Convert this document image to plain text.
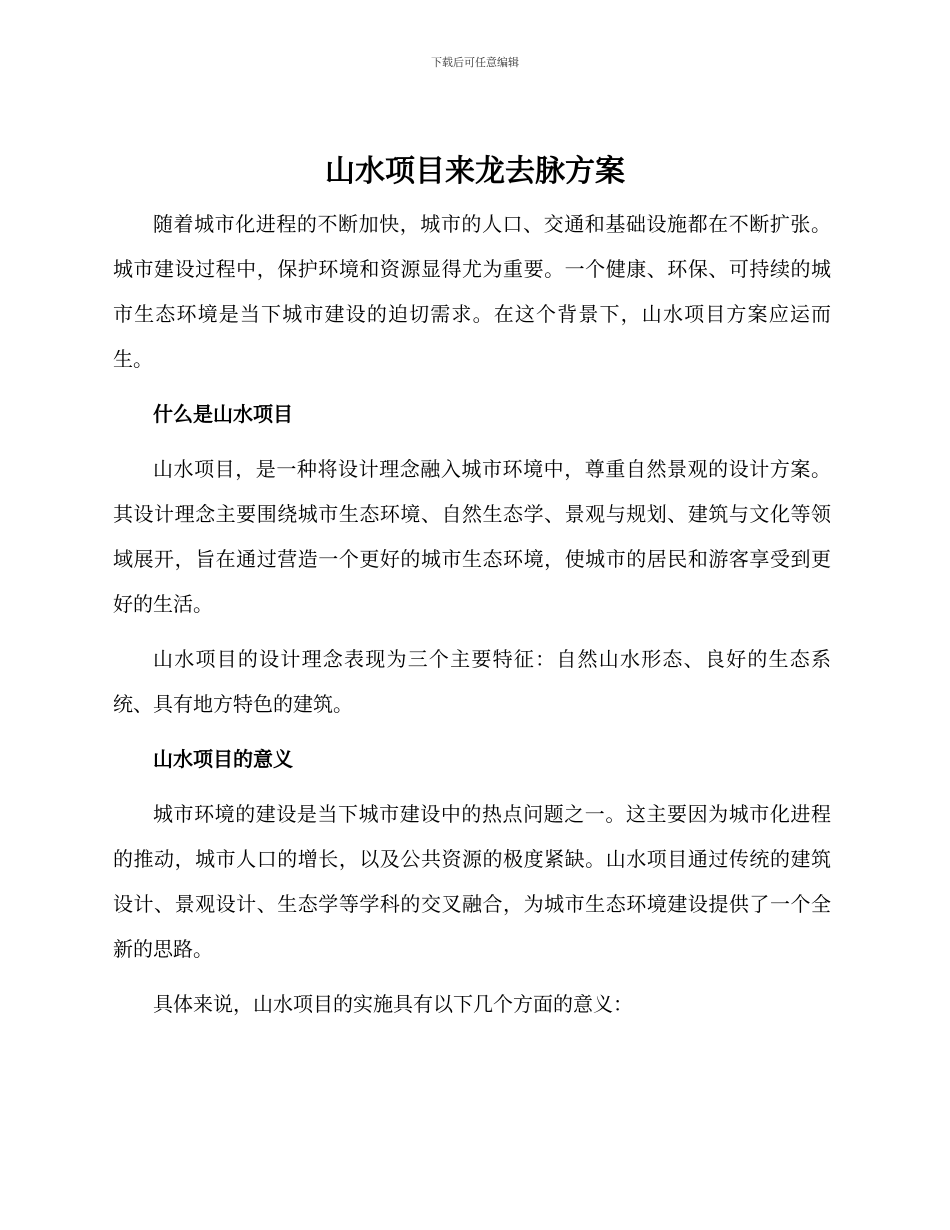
下载后可任意编辑
山水项目来龙去脉方案

随着城市化进程的不断加快，城市的人口、交通和基础设施都在不断扩张。城市建设过程中，保护环境和资源显得尤为重要。一个健康、环保、可持续的城市生态环境是当下城市建设的迫切需求。在这个背景下，山水项目方案应运而生。

什么是山水项目

山水项目，是一种将设计理念融入城市环境中，尊重自然景观的设计方案。其设计理念主要围绕城市生态环境、自然生态学、景观与规划、建筑与文化等领域展开，旨在通过营造一个更好的城市生态环境，使城市的居民和游客享受到更好的生活。

山水项目的设计理念表现为三个主要特征：自然山水形态、良好的生态系统、具有地方特色的建筑。

山水项目的意义

城市环境的建设是当下城市建设中的热点问题之一。这主要因为城市化进程的推动，城市人口的增长，以及公共资源的极度紧缺。山水项目通过传统的建筑设计、景观设计、生态学等学科的交叉融合，为城市生态环境建设提供了一个全新的思路。

具体来说，山水项目的实施具有以下几个方面的意义：
